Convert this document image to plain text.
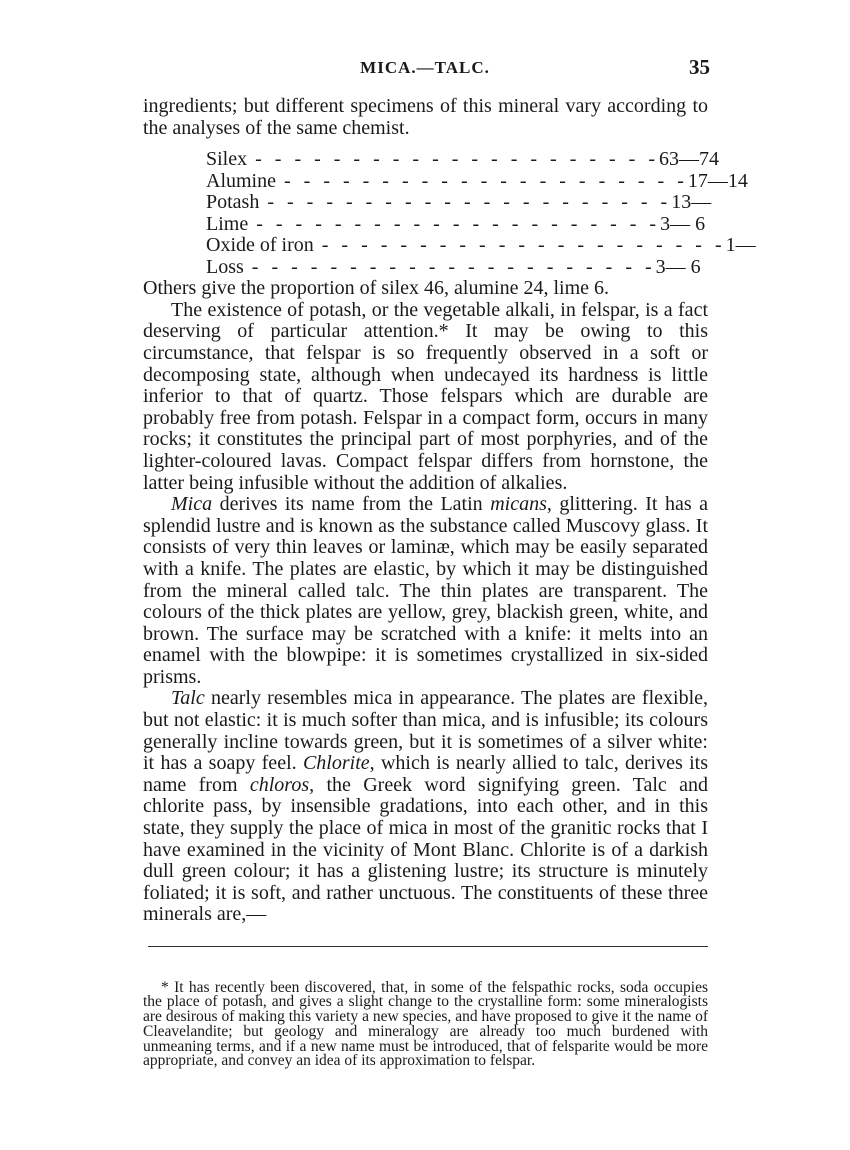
MICA.—TALC.	35

ingredients; but different specimens of this mineral vary according to the analyses of the same chemist.

Silex - - - - - - - - - - - - - - - - - - - - - 63—74
Alumine - - - - - - - - - - - - - - - - - - - - - 17—14
Potash - - - - - - - - - - - - - - - - - - - - - 13—
Lime - - - - - - - - - - - - - - - - - - - - - 3— 6
Oxide of iron - - - - - - - - - - - - - - - - - - - - - 1—
Loss - - - - - - - - - - - - - - - - - - - - - 3— 6

Others give the proportion of silex 46, alumine 24, lime 6.

The existence of potash, or the vegetable alkali, in felspar, is a fact deserving of particular attention.* It may be owing to this circumstance, that felspar is so frequently observed in a soft or decomposing state, although when undecayed its hardness is little inferior to that of quartz. Those felspars which are durable are probably free from potash. Felspar in a compact form, occurs in many rocks; it constitutes the principal part of most porphyries, and of the lighter-coloured lavas. Compact felspar differs from hornstone, the latter being infusible without the addition of alkalies.

Mica derives its name from the Latin micans, glittering. It has a splendid lustre and is known as the substance called Muscovy glass. It consists of very thin leaves or laminæ, which may be easily separated with a knife. The plates are elastic, by which it may be distinguished from the mineral called talc. The thin plates are transparent. The colours of the thick plates are yellow, grey, blackish green, white, and brown. The surface may be scratched with a knife: it melts into an enamel with the blowpipe: it is sometimes crystallized in six-sided prisms.

Talc nearly resembles mica in appearance. The plates are flexible, but not elastic: it is much softer than mica, and is infusible; its colours generally incline towards green, but it is sometimes of a silver white: it has a soapy feel. Chlorite, which is nearly allied to talc, derives its name from chloros, the Greek word signifying green. Talc and chlorite pass, by insensible gradations, into each other, and in this state, they supply the place of mica in most of the granitic rocks that I have examined in the vicinity of Mont Blanc. Chlorite is of a darkish dull green colour; it has a glistening lustre; its structure is minutely foliated; it is soft, and rather unctuous. The constituents of these three minerals are,—

* It has recently been discovered, that, in some of the felspathic rocks, soda occupies the place of potash, and gives a slight change to the crystalline form: some mineralogists are desirous of making this variety a new species, and have proposed to give it the name of Cleavelandite; but geology and mineralogy are already too much burdened with unmeaning terms, and if a new name must be introduced, that of felsparite would be more appropriate, and convey an idea of its approximation to felspar.
